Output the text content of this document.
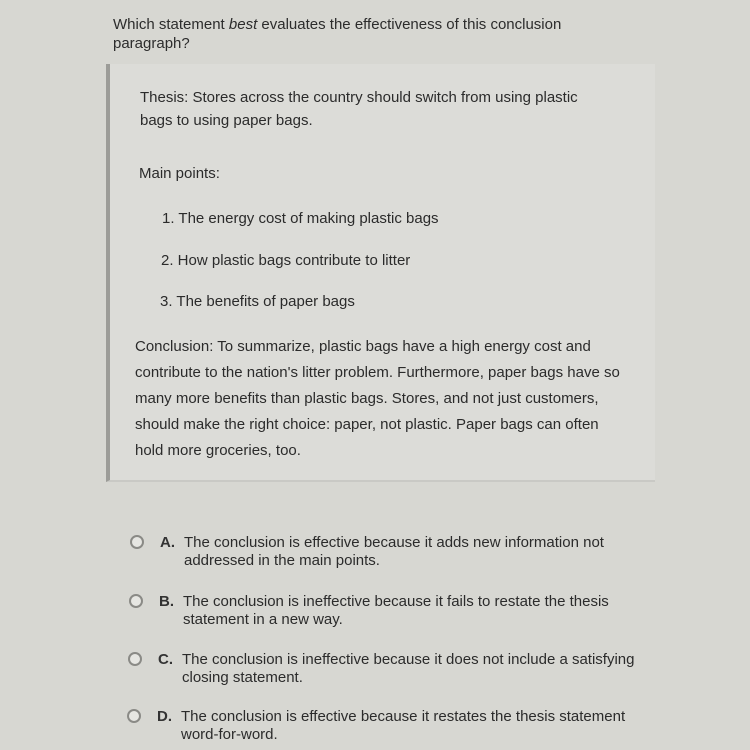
Which statement best evaluates the effectiveness of this conclusion paragraph?
Thesis: Stores across the country should switch from using plastic bags to using paper bags.
Main points:
1. The energy cost of making plastic bags
2. How plastic bags contribute to litter
3. The benefits of paper bags
Conclusion: To summarize, plastic bags have a high energy cost and contribute to the nation's litter problem. Furthermore, paper bags have so many more benefits than plastic bags. Stores, and not just customers, should make the right choice: paper, not plastic. Paper bags can often hold more groceries, too.
A. The conclusion is effective because it adds new information not addressed in the main points.
B. The conclusion is ineffective because it fails to restate the thesis statement in a new way.
C. The conclusion is ineffective because it does not include a satisfying closing statement.
D. The conclusion is effective because it restates the thesis statement word-for-word.
